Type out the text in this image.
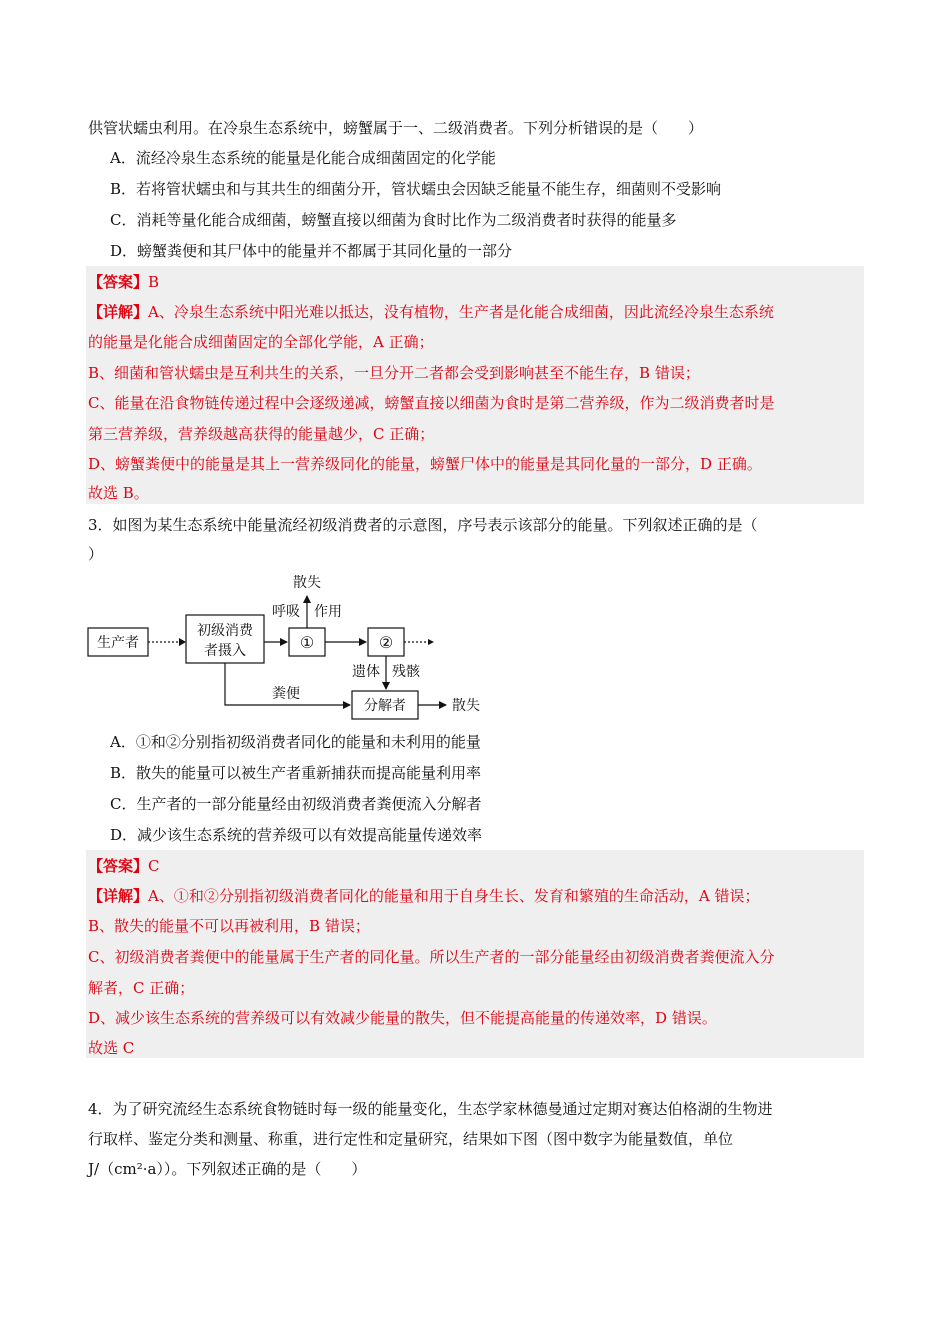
供管状蠕虫利用。在冷泉生态系统中，螃蟹属于一、二级消费者。下列分析错误的是（　　）
A．流经冷泉生态系统的能量是化能合成细菌固定的化学能
B．若将管状蠕虫和与其共生的细菌分开，管状蠕虫会因缺乏能量不能生存，细菌则不受影响
C．消耗等量化能合成细菌，螃蟹直接以细菌为食时比作为二级消费者时获得的能量多
D．螃蟹粪便和其尸体中的能量并不都属于其同化量的一部分
【答案】B
【详解】A、冷泉生态系统中阳光难以抵达，没有植物，生产者是化能合成细菌，因此流经冷泉生态系统
的能量是化能合成细菌固定的全部化学能，A 正确；
B、细菌和管状蠕虫是互利共生的关系，一旦分开二者都会受到影响甚至不能生存，B 错误；
C、能量在沿食物链传递过程中会逐级递减，螃蟹直接以细菌为食时是第二营养级，作为二级消费者时是
第三营养级，营养级越高获得的能量越少，C 正确；
D、螃蟹粪便中的能量是其上一营养级同化的能量，螃蟹尸体中的能量是其同化量的一部分，D 正确。
故选 B。
3．如图为某生态系统中能量流经初级消费者的示意图，序号表示该部分的能量。下列叙述正确的是（
）
生产者
初级消费
者摄入	①	②
分解者
散失
呼吸 作用
遗体 残骸
粪便
散失
A．①和②分别指初级消费者同化的能量和未利用的能量
B．散失的能量可以被生产者重新捕获而提高能量利用率
C．生产者的一部分能量经由初级消费者粪便流入分解者
D．减少该生态系统的营养级可以有效提高能量传递效率
【答案】C
【详解】A、①和②分别指初级消费者同化的能量和用于自身生长、发育和繁殖的生命活动，A 错误；
B、散失的能量不可以再被利用，B 错误；
C、初级消费者粪便中的能量属于生产者的同化量。所以生产者的一部分能量经由初级消费者粪便流入分
解者，C 正确；
D、减少该生态系统的营养级可以有效减少能量的散失，但不能提高能量的传递效率，D 错误。
故选 C
4．为了研究流经生态系统食物链时每一级的能量变化，生态学家林德曼通过定期对赛达伯格湖的生物进
行取样、鉴定分类和测量、称重，进行定性和定量研究，结果如下图（图中数字为能量数值，单位
J/（cm²·a））。下列叙述正确的是（　　）
